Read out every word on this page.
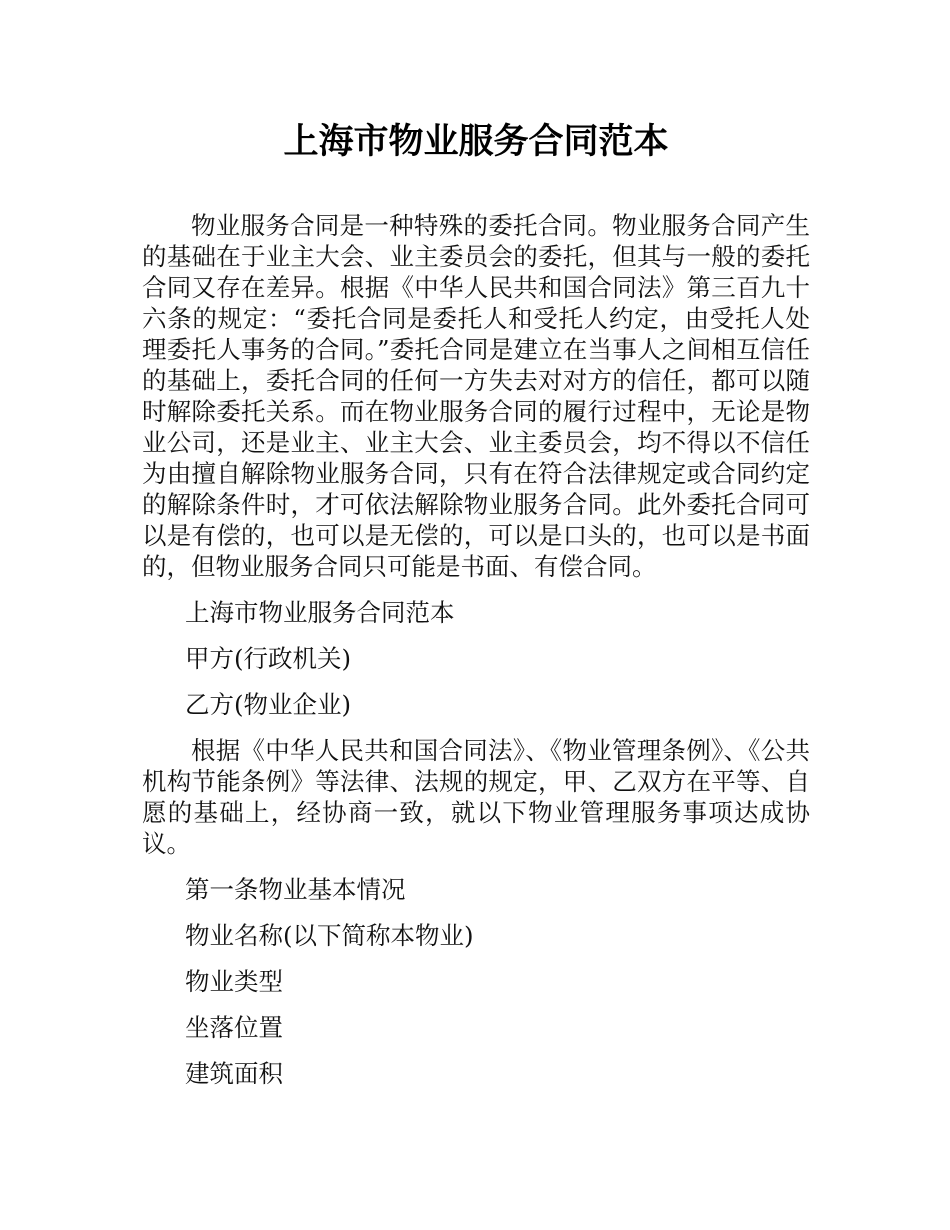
上海市物业服务合同范本

物业服务合同是一种特殊的委托合同。物业服务合同产生的基础在于业主大会、业主委员会的委托，但其与一般的委托合同又存在差异。根据《中华人民共和国合同法》第三百九十六条的规定：“委托合同是委托人和受托人约定，由受托人处理委托人事务的合同。”委托合同是建立在当事人之间相互信任的基础上，委托合同的任何一方失去对对方的信任，都可以随时解除委托关系。而在物业服务合同的履行过程中，无论是物业公司，还是业主、业主大会、业主委员会，均不得以不信任为由擅自解除物业服务合同，只有在符合法律规定或合同约定的解除条件时，才可依法解除物业服务合同。此外委托合同可以是有偿的，也可以是无偿的，可以是口头的，也可以是书面的，但物业服务合同只可能是书面、有偿合同。

上海市物业服务合同范本

甲方(行政机关)

乙方(物业企业)

根据《中华人民共和国合同法》、《物业管理条例》、《公共机构节能条例》等法律、法规的规定，甲、乙双方在平等、自愿的基础上，经协商一致，就以下物业管理服务事项达成协议。

第一条物业基本情况

物业名称(以下简称本物业)

物业类型

坐落位置

建筑面积
